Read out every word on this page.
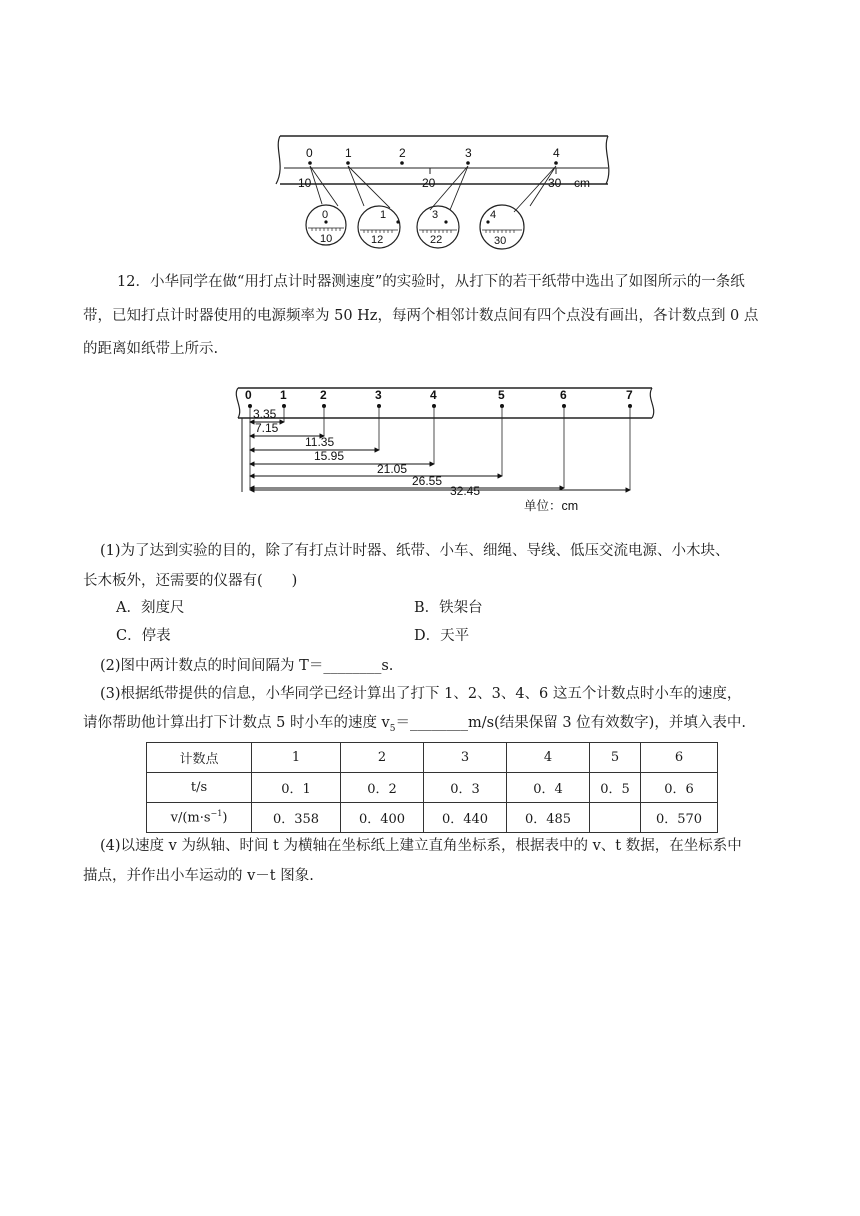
0	1	2	3	4
10	20	30 cm
0
10
1
12
3
22
4
30
12．小华同学在做“用打点计时器测速度”的实验时，从打下的若干纸带中选出了如图所示的一条纸
带，已知打点计时器使用的电源频率为 50 Hz，每两个相邻计数点间有四个点没有画出，各计数点到 0 点
的距离如纸带上所示.
0 1	2	3	4	5	6	7
3.35
7.15
11.35
15.95
21.05
26.55
32.45
单位：cm
(1)为了达到实验的目的，除了有打点计时器、纸带、小车、细绳、导线、低压交流电源、小木块、
长木板外，还需要的仪器有(　　)
A．刻度尺	B．铁架台
C．停表	D．天平
(2)图中两计数点的时间间隔为 T＝________s.
(3)根据纸带提供的信息，小华同学已经计算出了打下 1、2、3、4、6 这五个计数点时小车的速度，
请你帮助他计算出打下计数点 5 时小车的速度 $v_5=\_\_\_\_\_\_\_\_m/s$(结果保留 3 位有效数字)，并填入表中.
计数点	1	2	3	4	5	6
t/s	0．1	0．2	0．3	0．4	0．5	0．6
$v/(m\cdot s^{-1})$	0．358	0．400	0．440	0．485		0．570
(4)以速度 v 为纵轴、时间 t 为横轴在坐标纸上建立直角坐标系，根据表中的 v、t 数据，在坐标系中
描点，并作出小车运动的 v－t 图象.
